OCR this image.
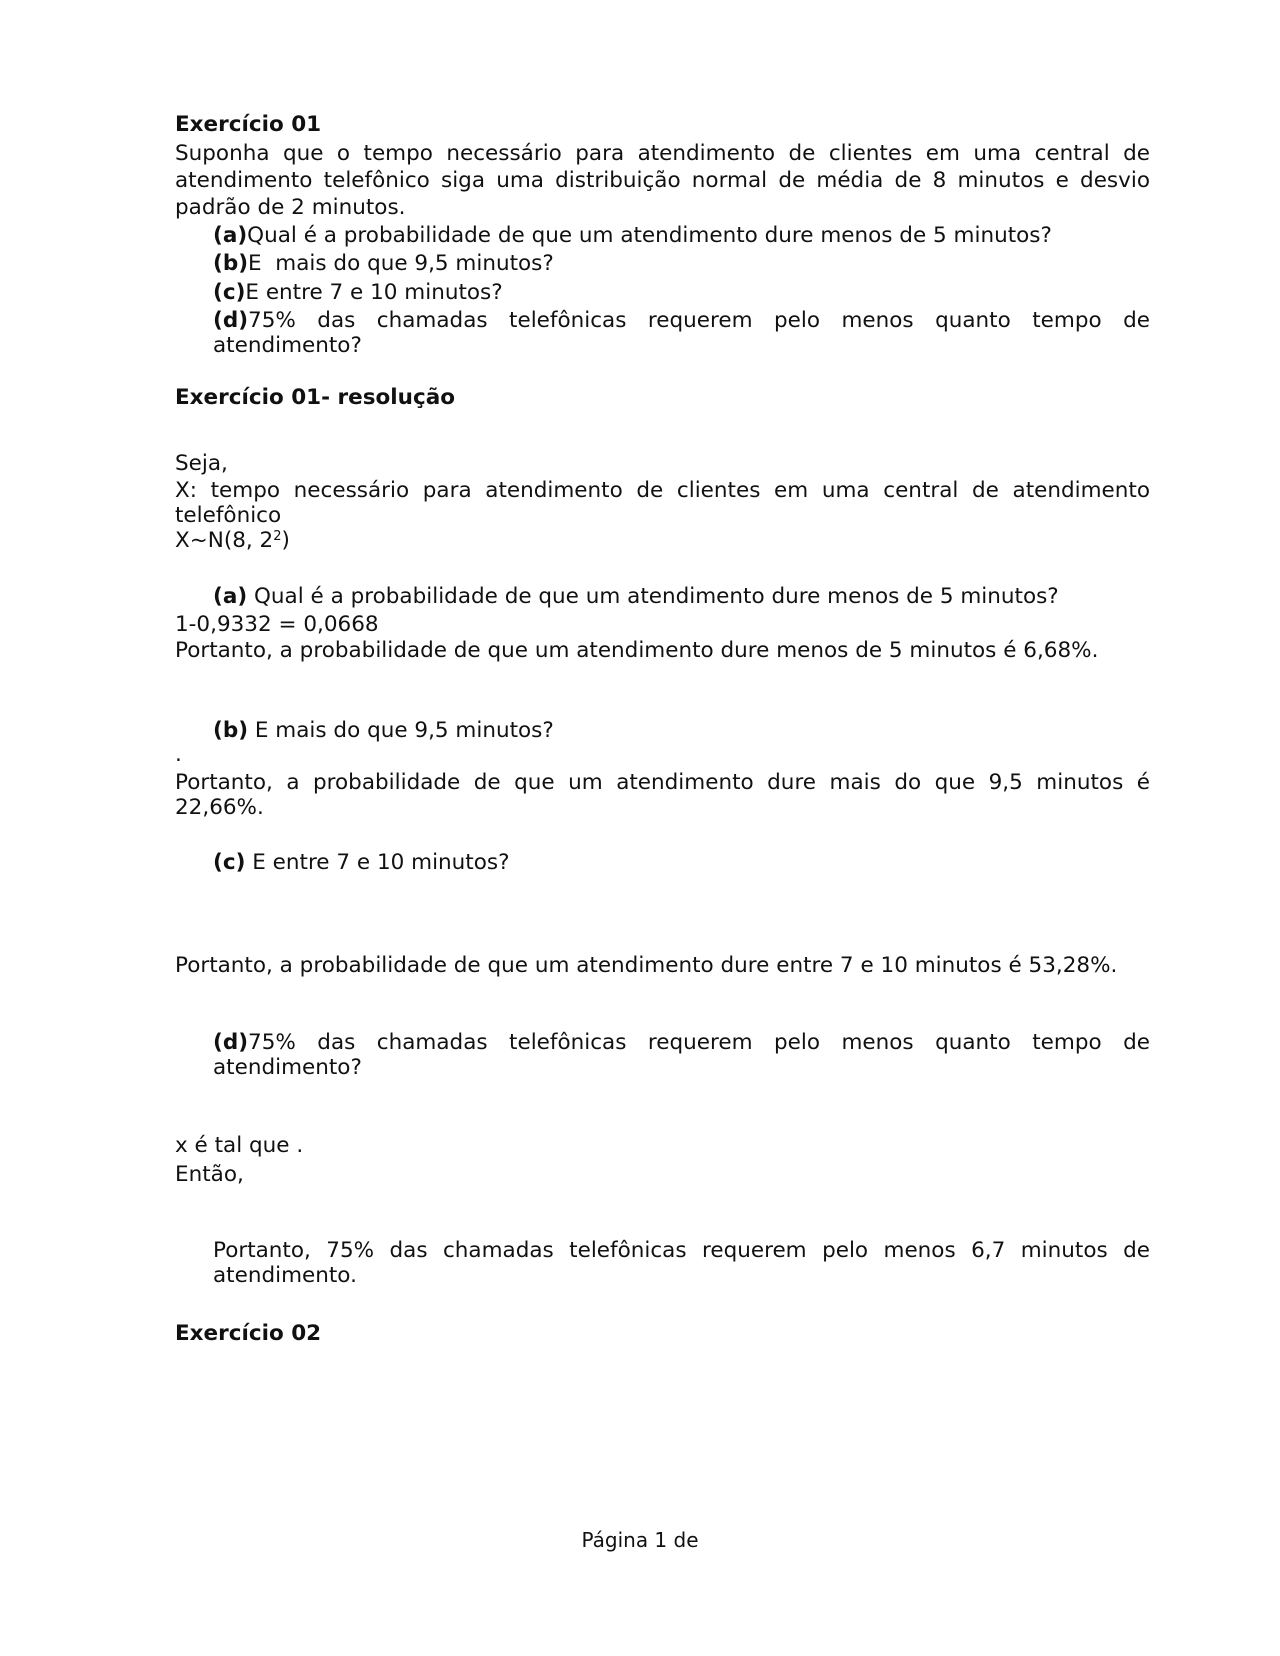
Exercício 01

Suponha que o tempo necessário para atendimento de clientes em uma central de atendimento telefônico siga uma distribuição normal de média de 8 minutos e desvio padrão de 2 minutos.

(a)Qual é a probabilidade de que um atendimento dure menos de 5 minutos?

(b)E  mais do que 9,5 minutos?

(c)E entre 7 e 10 minutos?

(d)75% das chamadas telefônicas requerem pelo menos quanto tempo de atendimento?

Exercício 01- resolução

Seja,

X: tempo necessário para atendimento de clientes em uma central de atendimento telefônico

X~N(8, $2^2$)

(a) Qual é a probabilidade de que um atendimento dure menos de 5 minutos?

1-0,9332 = 0,0668

Portanto, a probabilidade de que um atendimento dure menos de 5 minutos é 6,68%.

(b) E mais do que 9,5 minutos?

.

Portanto, a probabilidade de que um atendimento dure mais do que 9,5 minutos é 22,66%.

(c) E entre 7 e 10 minutos?

Portanto, a probabilidade de que um atendimento dure entre 7 e 10 minutos é 53,28%.

(d)75% das chamadas telefônicas requerem pelo menos quanto tempo de atendimento?

x é tal que .

Então,

Portanto, 75% das chamadas telefônicas requerem pelo menos 6,7 minutos de atendimento.

Exercício 02

Página 1 de
